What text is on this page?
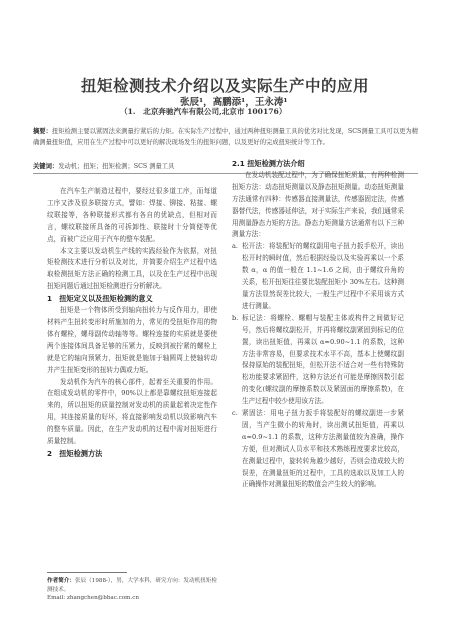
扭矩检测技术介绍以及实际生产中的应用
张辰¹，高鹏添¹，王永涛¹
（1.　北京奔驰汽车有限公司,北京市 100176）
摘要：扭矩检测主要以紧固法来测量拧紧后的力矩。在实际生产过程中，通过两种扭矩测量工具的优劣对比发现，SCS测量工具可以更为精确测量扭矩值，应用在生产过程中可以更好的解决现场发生的扭矩问题，以及更好的完成扭矩统计等工作。
关键词：发动机；扭矩；扭矩检测；SCS 测量工具

在汽车生产制造过程中，要经过很多道工序，而每道工序又涉及很多联接方式，譬如：焊接、铆接、粘接、螺纹联接等，各种联接形式都有各自的优缺点，但相对而言，螺纹联接所具备的可拆卸性、联接时十分简便等优点，而被广泛应用于汽车的整车装配。

本文主要以发动机生产线的实践经验作为依据，对扭矩检测技术进行分析以及对比，并简要介绍生产过程中选取检测扭矩方法正确的检测工具，以及在生产过程中出现扭矩问题后通过扭矩检测进行分析解决。

1　扭矩定义以及扭矩检测的意义

扭矩是一个物体所受到轴向扭转力与反作用力，即使材料产生扭转变形时所施加的力，常见的受扭矩作用的物体有螺栓，螺母副传动轴等等。螺栓连接的实质就是要使两个连接体间具备足够的压紧力，反映到被拧紧的螺栓上就是它的轴向预紧力，扭矩就是施加于轴圆周上使轴转动并产生扭矩变形的扭转力偶或力矩。

发动机作为汽车的核心部件，起着至关重要的作用。在组成发动机的零件中，90%以上都是靠螺纹扭矩连接起来的，所以扭矩的质量控制对发动机的质量起着决定性作用，其连接质量的好坏，将直接影响发动机以致影响汽车的整车质量。因此，在生产发动机的过程中需对扭矩进行质量控制。

2　扭矩检测方法

2.1 扭矩检测方法介绍

在发动机装配过程中，为了确保扭矩质量，有两种检测扭矩方法：动态扭矩测量以及静态扭矩测量。动态扭矩测量方法通常有四种：传感器直接测量法，传感器固定法，传感器替代法，传感器延伸法，对于实际生产来说，我们通常采用测量静态力矩的方法。静态力矩测量方法通常有以下三种测量方法：

a. 松开法：将装配好的螺纹副用电子扭力扳手松开，读出松开时的瞬时值，然后根据经验以及实验再乘以一个系数 α，α 的值一般在 1.1~1.6 之间，由于螺纹升角的关系，松开扭矩往往要比装配扭矩小 30%左右。这种测量方法显然误差比较大，一般生产过程中不采用该方式进行测量。
b. 标记法：将螺栓、螺帽与装配主体或构件之间做好记号，然后将螺纹副松开，并再将螺纹副紧固到标记的位置，读出扭矩值，再乘以 α≈0.90~1.1 的系数，这种方法非常容易，但要求技术水平不高，基本上使螺纹副保持原始的装配扭矩，但松开法不适合对一些有特殊防松功能要求紧固件，这种方法还有可能是摩擦因数引起的变化(螺纹副的摩擦系数以及紧固面的摩擦系数)，在生产过程中较少使用该方法。
c. 紧固法：用电子扭力扳手将装配好的螺纹副进一步紧固，当产生微小的转角时，读出测试扭矩值，再乘以 α≈0.9~1.1 的系数，这种方法测量值较为准确，操作方便，但对测试人员水平和技术熟练程度要求比较高，在测量过程中，旋转转角越少越好，否则会造成较大的误差，在测量扭矩的过程中，工具的选取以及加工人的正确操作对测量扭矩的数值会产生较大的影响。
作者简介：张辰（1988-），男，大学本科，研究方向：发动机扭矩检测技术。
Email: zhangchen@bbac.com.cn
